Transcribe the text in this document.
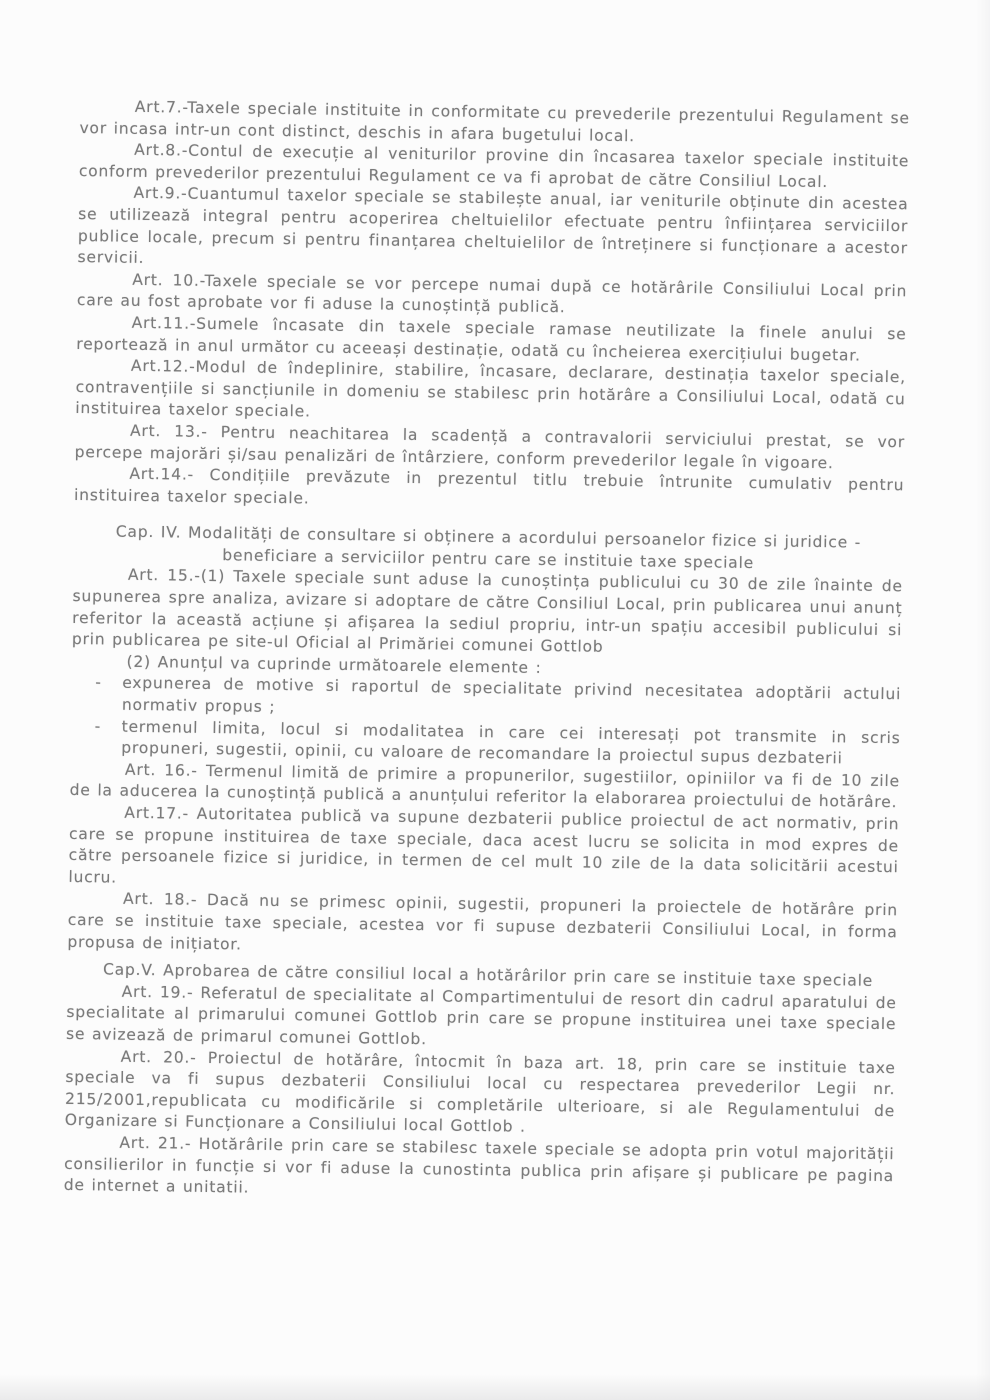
Art.7.-Taxele speciale instituite in conformitate cu prevederile prezentului Regulament se vor incasa intr-un cont distinct, deschis in afara bugetului local.

Art.8.-Contul de execuție al veniturilor provine din încasarea taxelor speciale instituite conform prevederilor prezentului Regulament ce va fi aprobat de către Consiliul Local.

Art.9.-Cuantumul taxelor speciale se stabilește anual, iar veniturile obținute din acestea se utilizează integral pentru acoperirea cheltuielilor efectuate pentru înființarea serviciilor publice locale, precum si pentru finanțarea cheltuielilor de întreținere si funcționare a acestor servicii.

Art. 10.-Taxele speciale se vor percepe numai după ce hotărârile Consiliului Local prin care au fost aprobate vor fi aduse la cunoștință publică.

Art.11.-Sumele încasate din taxele speciale ramase neutilizate la finele anului se reportează in anul următor cu aceeași destinație, odată cu încheierea exercițiului bugetar.

Art.12.-Modul de îndeplinire, stabilire, încasare, declarare, destinația taxelor speciale, contravențiile si sancțiunile in domeniu se stabilesc prin hotărâre a Consiliului Local, odată cu instituirea taxelor speciale.

Art. 13.- Pentru neachitarea la scadență a contravalorii serviciului prestat, se vor percepe majorări și/sau penalizări de întârziere, conform prevederilor legale în vigoare.

Art.14.- Condițiile prevăzute in prezentul titlu trebuie întrunite cumulativ pentru instituirea taxelor speciale.

Cap. IV. Modalități de consultare si obținere a acordului persoanelor fizice si juridice - beneficiare a serviciilor pentru care se instituie taxe speciale

Art. 15.-(1) Taxele speciale sunt aduse la cunoștința publicului cu 30 de zile înainte de supunerea spre analiza, avizare si adoptare de către Consiliul Local, prin publicarea unui anunț referitor la această acțiune și afișarea la sediul propriu, intr-un spațiu accesibil publicului si prin publicarea pe site-ul Oficial al Primăriei comunei Gottlob

(2) Anunțul va cuprinde următoarele elemente :

- expunerea de motive si raportul de specialitate privind necesitatea adoptării actului normativ propus ;

- termenul limita, locul si modalitatea in care cei interesați pot transmite in scris propuneri, sugestii, opinii, cu valoare de recomandare la proiectul supus dezbaterii

Art. 16.- Termenul limită de primire a propunerilor, sugestiilor, opiniilor va fi de 10 zile de la aducerea la cunoștință publică a anunțului referitor la elaborarea proiectului de hotărâre.

Art.17.- Autoritatea publică va supune dezbaterii publice proiectul de act normativ, prin care se propune instituirea de taxe speciale, daca acest lucru se solicita in mod expres de către persoanele fizice si juridice, in termen de cel mult 10 zile de la data solicitării acestui lucru.

Art. 18.- Dacă nu se primesc opinii, sugestii, propuneri la proiectele de hotărâre prin care se instituie taxe speciale, acestea vor fi supuse dezbaterii Consiliului Local, in forma propusa de inițiator.

Cap.V. Aprobarea de către consiliul local a hotărârilor prin care se instituie taxe speciale

Art. 19.- Referatul de specialitate al Compartimentului de resort din cadrul aparatului de specialitate al primarului comunei Gottlob prin care se propune instituirea unei taxe speciale se avizează de primarul comunei Gottlob.

Art. 20.- Proiectul de hotărâre, întocmit în baza art. 18, prin care se instituie taxe speciale va fi supus dezbaterii Consiliului local cu respectarea prevederilor Legii nr. 215/2001,republicata cu modificările si completările ulterioare, si ale Regulamentului de Organizare si Funcționare a Consiliului local Gottlob .

Art. 21.- Hotărârile prin care se stabilesc taxele speciale se adopta prin votul majorității consilierilor in funcție si vor fi aduse la cunostinta publica prin afișare și publicare pe pagina de internet a unitatii.
